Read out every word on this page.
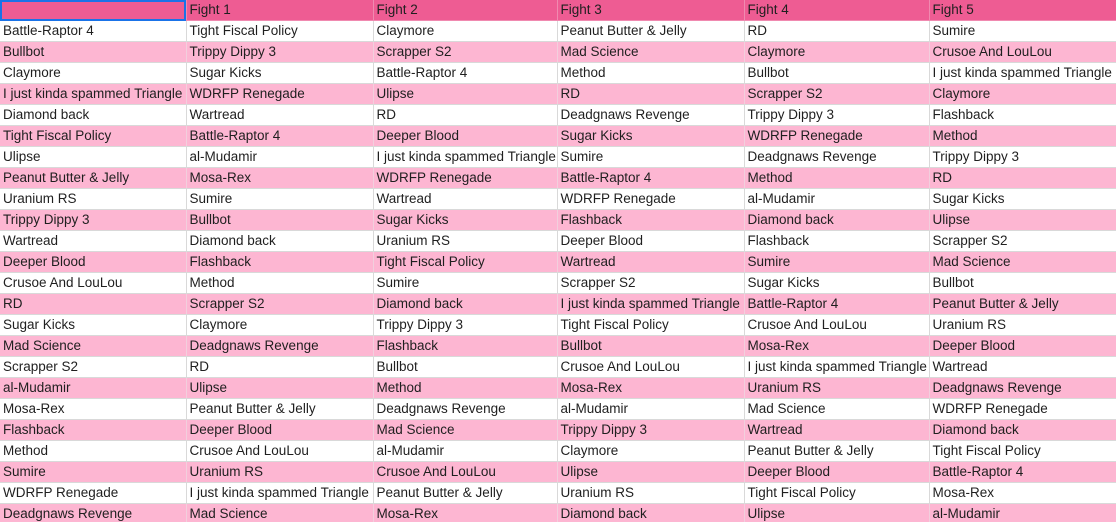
	Fight 1	Fight 2	Fight 3	Fight 4	Fight 5
Battle-Raptor 4	Tight Fiscal Policy	Claymore	Peanut Butter & Jelly	RD	Sumire
Bullbot	Trippy Dippy 3	Scrapper S2	Mad Science	Claymore	Crusoe And LouLou
Claymore	Sugar Kicks	Battle-Raptor 4	Method	Bullbot	I just kinda spammed Triangle
I just kinda spammed Triangle	WDRFP Renegade	Ulipse	RD	Scrapper S2	Claymore
Diamond back	Wartread	RD	Deadgnaws Revenge	Trippy Dippy 3	Flashback
Tight Fiscal Policy	Battle-Raptor 4	Deeper Blood	Sugar Kicks	WDRFP Renegade	Method
Ulipse	al-Mudamir	I just kinda spammed Triangle	Sumire	Deadgnaws Revenge	Trippy Dippy 3
Peanut Butter & Jelly	Mosa-Rex	WDRFP Renegade	Battle-Raptor 4	Method	RD
Uranium RS	Sumire	Wartread	WDRFP Renegade	al-Mudamir	Sugar Kicks
Trippy Dippy 3	Bullbot	Sugar Kicks	Flashback	Diamond back	Ulipse
Wartread	Diamond back	Uranium RS	Deeper Blood	Flashback	Scrapper S2
Deeper Blood	Flashback	Tight Fiscal Policy	Wartread	Sumire	Mad Science
Crusoe And LouLou	Method	Sumire	Scrapper S2	Sugar Kicks	Bullbot
RD	Scrapper S2	Diamond back	I just kinda spammed Triangle	Battle-Raptor 4	Peanut Butter & Jelly
Sugar Kicks	Claymore	Trippy Dippy 3	Tight Fiscal Policy	Crusoe And LouLou	Uranium RS
Mad Science	Deadgnaws Revenge	Flashback	Bullbot	Mosa-Rex	Deeper Blood
Scrapper S2	RD	Bullbot	Crusoe And LouLou	I just kinda spammed Triangle	Wartread
al-Mudamir	Ulipse	Method	Mosa-Rex	Uranium RS	Deadgnaws Revenge
Mosa-Rex	Peanut Butter & Jelly	Deadgnaws Revenge	al-Mudamir	Mad Science	WDRFP Renegade
Flashback	Deeper Blood	Mad Science	Trippy Dippy 3	Wartread	Diamond back
Method	Crusoe And LouLou	al-Mudamir	Claymore	Peanut Butter & Jelly	Tight Fiscal Policy
Sumire	Uranium RS	Crusoe And LouLou	Ulipse	Deeper Blood	Battle-Raptor 4
WDRFP Renegade	I just kinda spammed Triangle	Peanut Butter & Jelly	Uranium RS	Tight Fiscal Policy	Mosa-Rex
Deadgnaws Revenge	Mad Science	Mosa-Rex	Diamond back	Ulipse	al-Mudamir
